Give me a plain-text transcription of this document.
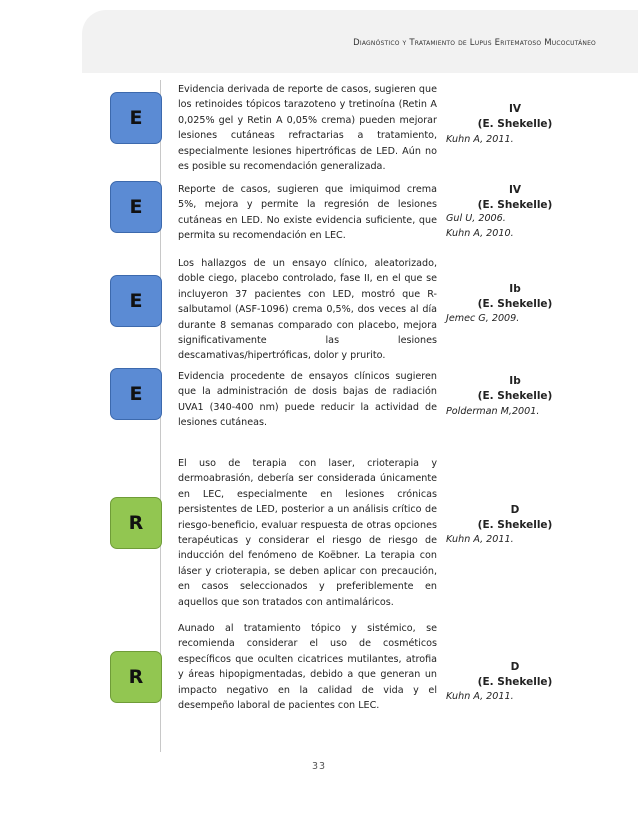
Diagnóstico y Tratamiento de Lupus Eritematoso Mucocutáneo
E
Evidencia derivada de reporte de casos, sugieren que los retinoides tópicos tarazoteno y tretinoína (Retin A 0,025% gel y Retin A 0,05% crema) pueden mejorar lesiones cutáneas refractarias a tratamiento, especialmente lesiones hipertróficas de LED. Aún no es posible su recomendación generalizada.
IV
(E. Shekelle)
Kuhn A, 2011.
E
Reporte de casos, sugieren que imiquimod crema 5%, mejora y permite la regresión de lesiones cutáneas en LED. No existe evidencia suficiente, que permita su recomendación en LEC.
IV
(E. Shekelle)
Gul U, 2006.
Kuhn A, 2010.
E
Los hallazgos de un ensayo clínico, aleatorizado, doble ciego, placebo controlado, fase II, en el que se incluyeron 37 pacientes con LED, mostró que R-salbutamol (ASF-1096) crema 0,5%, dos veces al día durante 8 semanas comparado con placebo, mejora significativamente las lesiones descamativas/hipertróficas, dolor y prurito.
Ib
(E. Shekelle)
Jemec G, 2009.
E
Evidencia procedente de ensayos clínicos sugieren que la administración de dosis bajas de radiación UVA1 (340-400 nm) puede reducir la actividad de lesiones cutáneas.
Ib
(E. Shekelle)
Polderman M,2001.
R
El uso de terapia con laser, crioterapia y dermoabrasión, debería ser considerada únicamente en LEC, especialmente en lesiones crónicas persistentes de LED, posterior a un análisis crítico de riesgo-beneficio, evaluar respuesta de otras opciones terapéuticas y considerar el riesgo de riesgo de inducción del fenómeno de Koëbner. La terapia con láser y crioterapia, se deben aplicar con precaución, en casos seleccionados y preferiblemente en aquellos que son tratados con antimaláricos.
D
(E. Shekelle)
Kuhn A, 2011.
R
Aunado al tratamiento tópico y sistémico, se recomienda considerar el uso de cosméticos específicos que oculten cicatrices mutilantes, atrofia y áreas hipopigmentadas, debido a que generan un impacto negativo en la calidad de vida y el desempeño laboral de pacientes con LEC.
D
(E. Shekelle)
Kuhn A, 2011.
33
